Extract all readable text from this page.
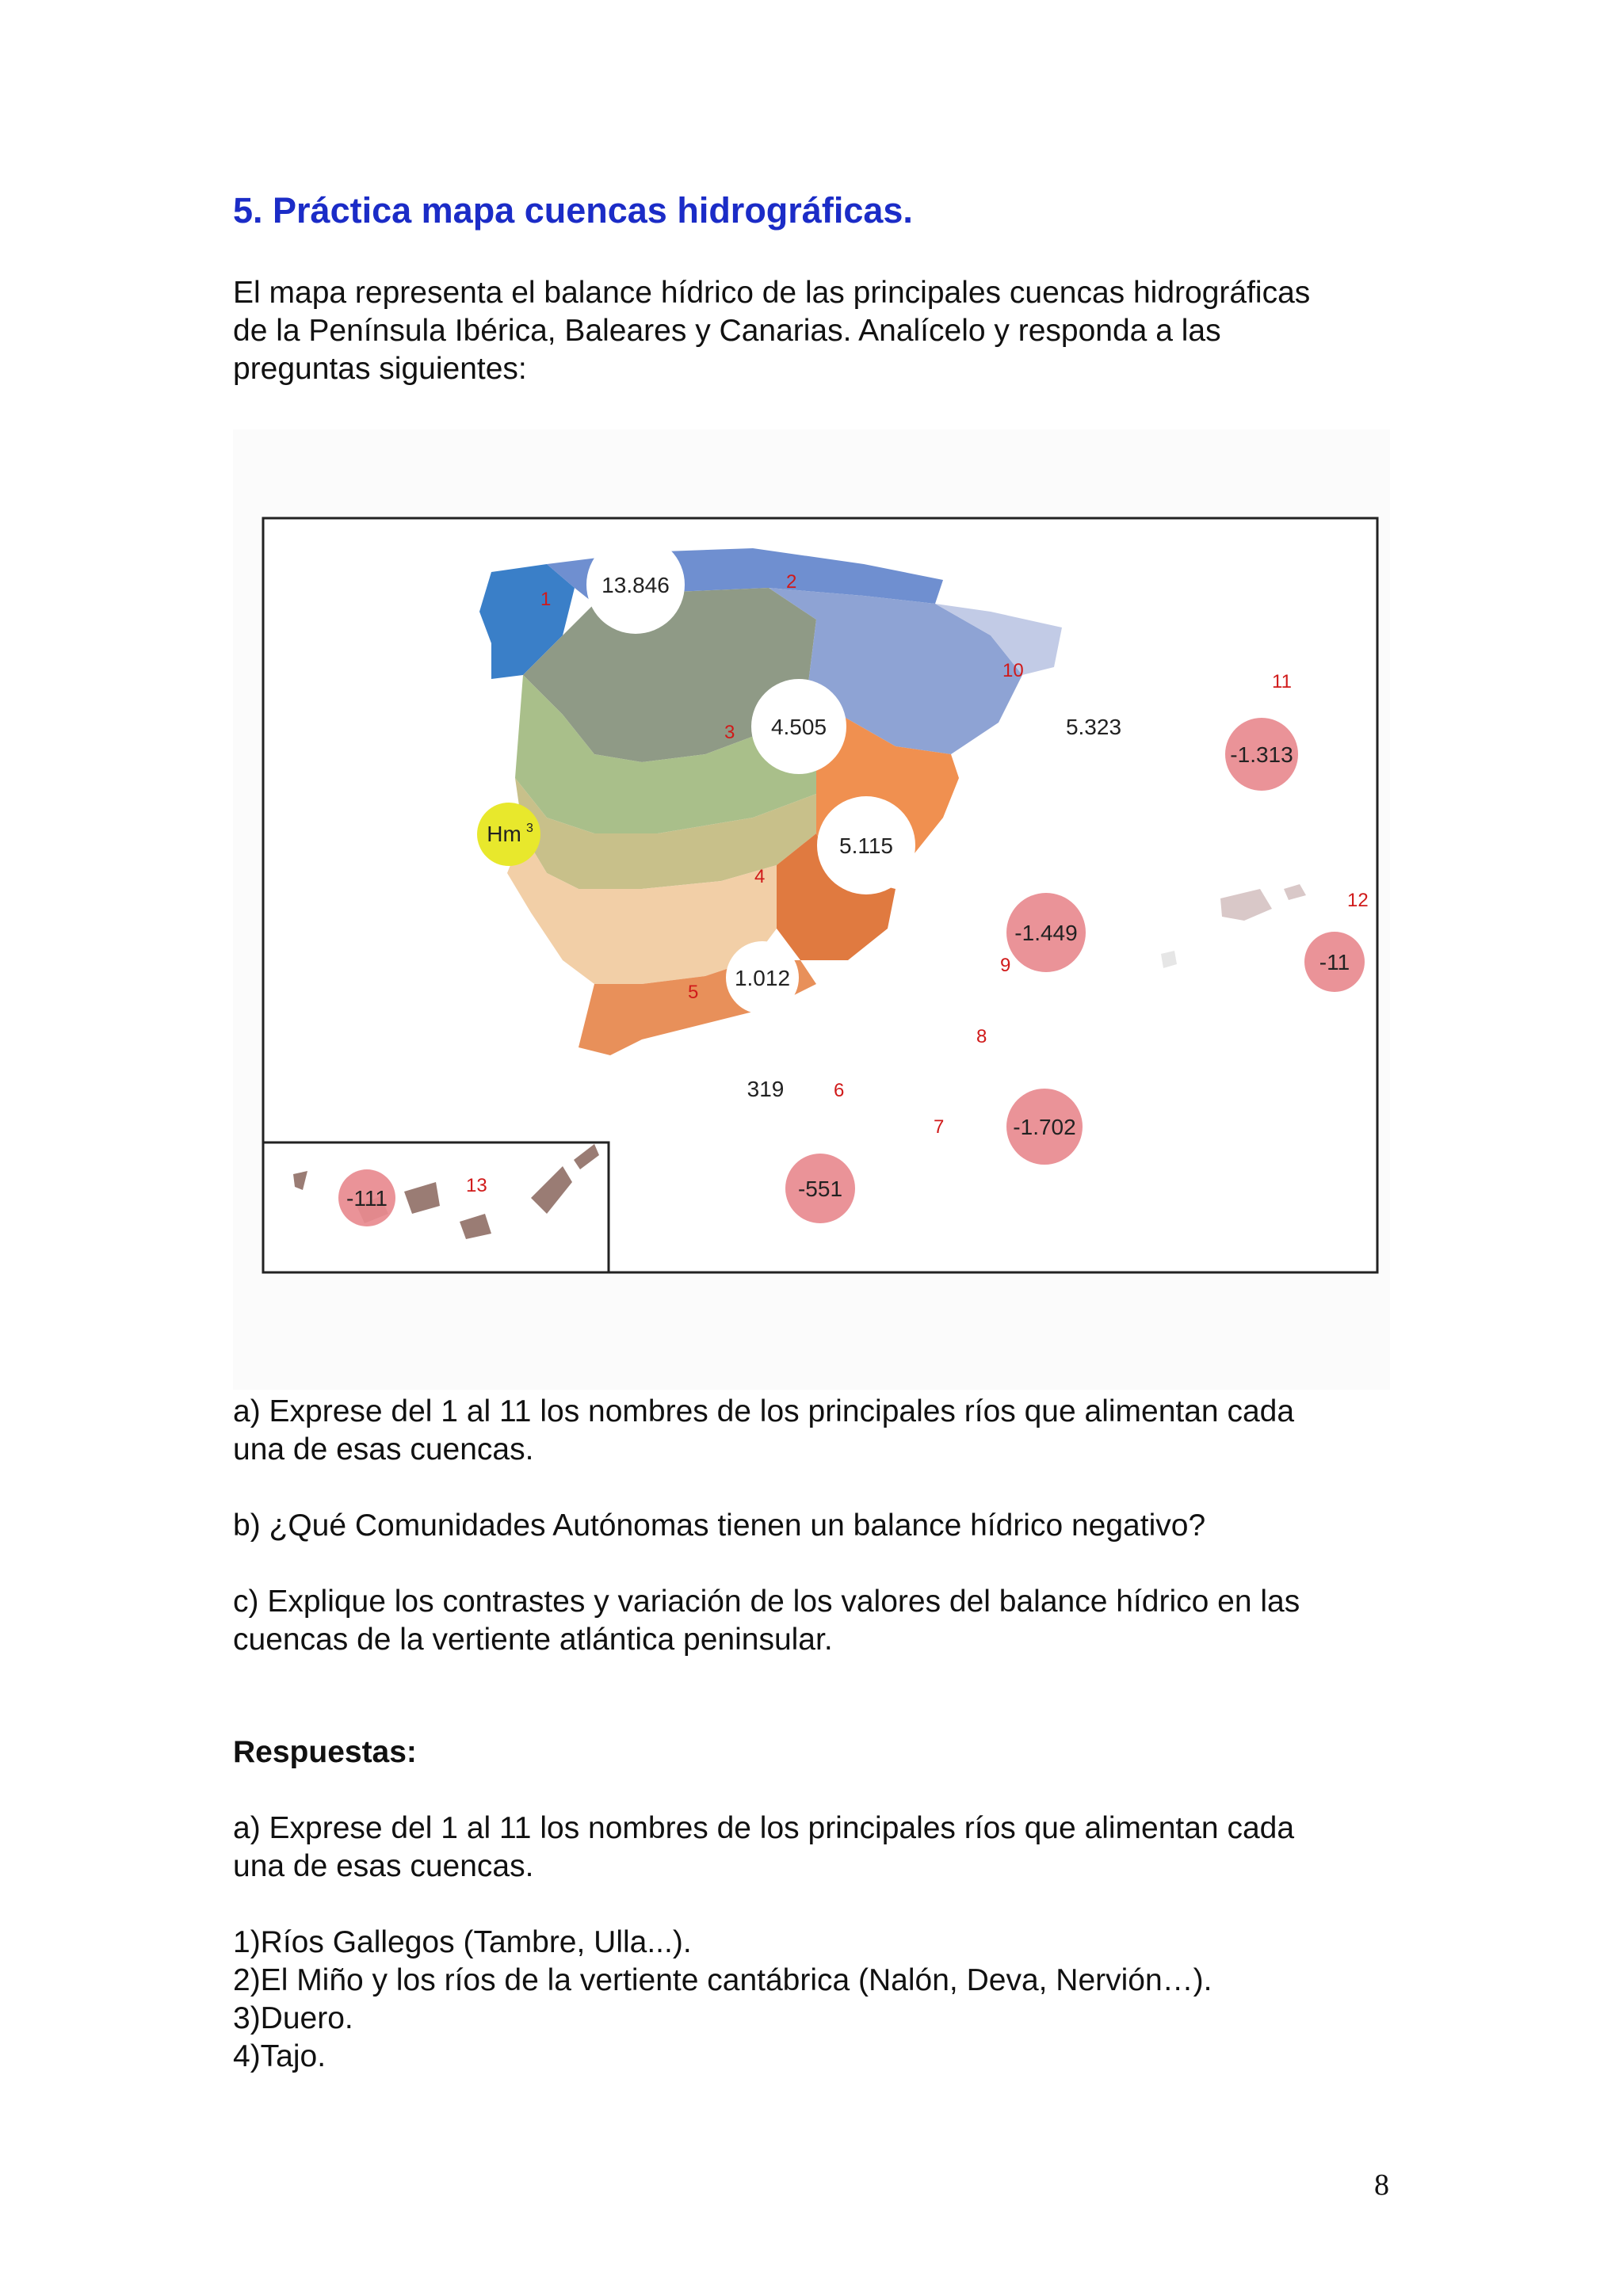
5. Práctica mapa cuencas hidrográficas.

El mapa representa el balance hídrico de las principales cuencas hidrográficas
de la Península Ibérica, Baleares y Canarias. Analícelo y responda a las
preguntas siguientes:

13.846
4.505	5.323
-1.313
5.115
-1.449
1.012
319
-1.702
-551
-11
-111
Hm 3
1
2
3
4
5
6
7
8
9
10
11
12
13

a) Exprese del 1 al 11 los nombres de los principales ríos que alimentan cada
una de esas cuencas.

b) ¿Qué Comunidades Autónomas tienen un balance hídrico negativo?

c) Explique los contrastes y variación de los valores del balance hídrico en las
cuencas de la vertiente atlántica peninsular.

Respuestas:

a) Exprese del 1 al 11 los nombres de los principales ríos que alimentan cada
una de esas cuencas.

1)Ríos Gallegos (Tambre, Ulla...).
2)El Miño y los ríos de la vertiente cantábrica (Nalón, Deva, Nervión…).
3)Duero.
4)Tajo.
8
